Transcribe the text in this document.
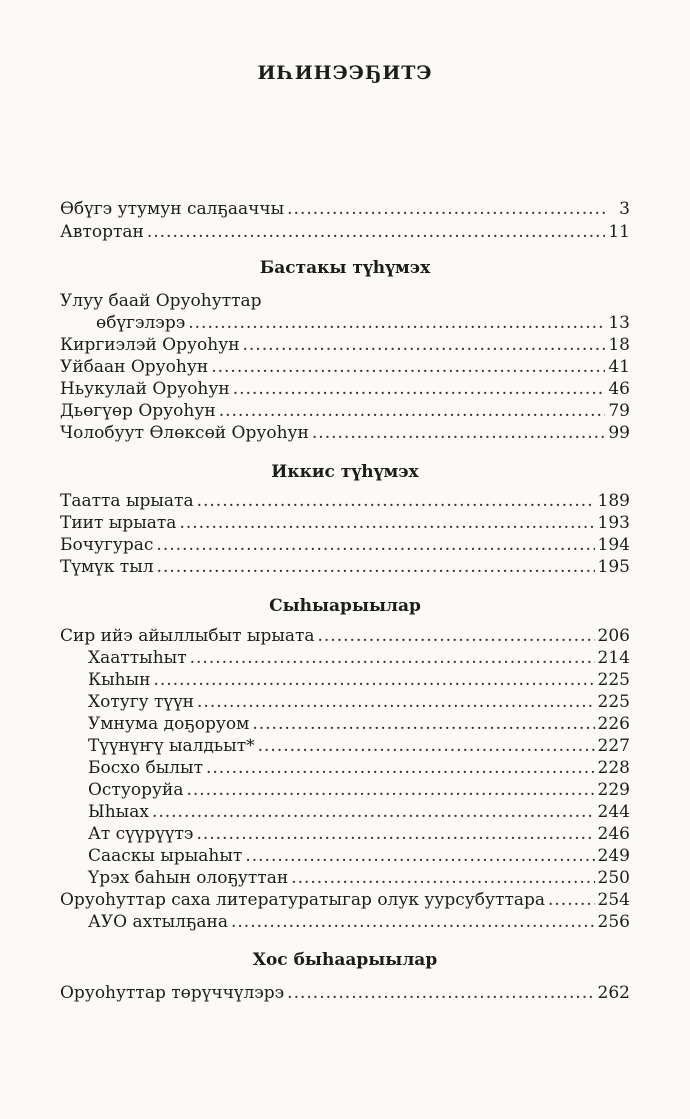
ИҺИНЭЭҔИТЭ
Өбүгэ утумун салҕааччы .....	3
Автортан .....	11
Бастакы түһүмэх
Улуу баай Оруоһуттар
өбүгэлэрэ .....	13
Киргиэлэй Оруоһун .....	18
Уйбаан Оруоһун .....	41
Ньукулай Оруоһун .....	46
Дьөгүөр Оруоһун .....	79
Чолобуут Өлөксөй Оруоһун .....	99
Иккис түһүмэх
Таатта ырыата .....	189
Тиит ырыата .....	193
Бочугурас .....	194
Түмүк тыл .....	195
Сыһыарыылар
Сир ийэ айыллыбыт ырыата .....	206
Хааттыһыт .....	214
Кыһын .....	225
Хотугу түүн .....	225
Умнума доҕоруом .....	226
Түүнүҥү ыалдьыт* .....	227
Босхо былыт .....	228
Остуоруйа .....	229
Ыһыах .....	244
Ат сүүрүүтэ .....	246
Сааскы ырыаһыт .....	249
Үрэх баһын олоҕуттан .....	250
Оруоһуттар саха литературатыгар олук уурсубуттара .....	254
АУО ахтылҕана .....	256
Хос быһаарыылар
Оруоһуттар төрүччүлэрэ .....	262
